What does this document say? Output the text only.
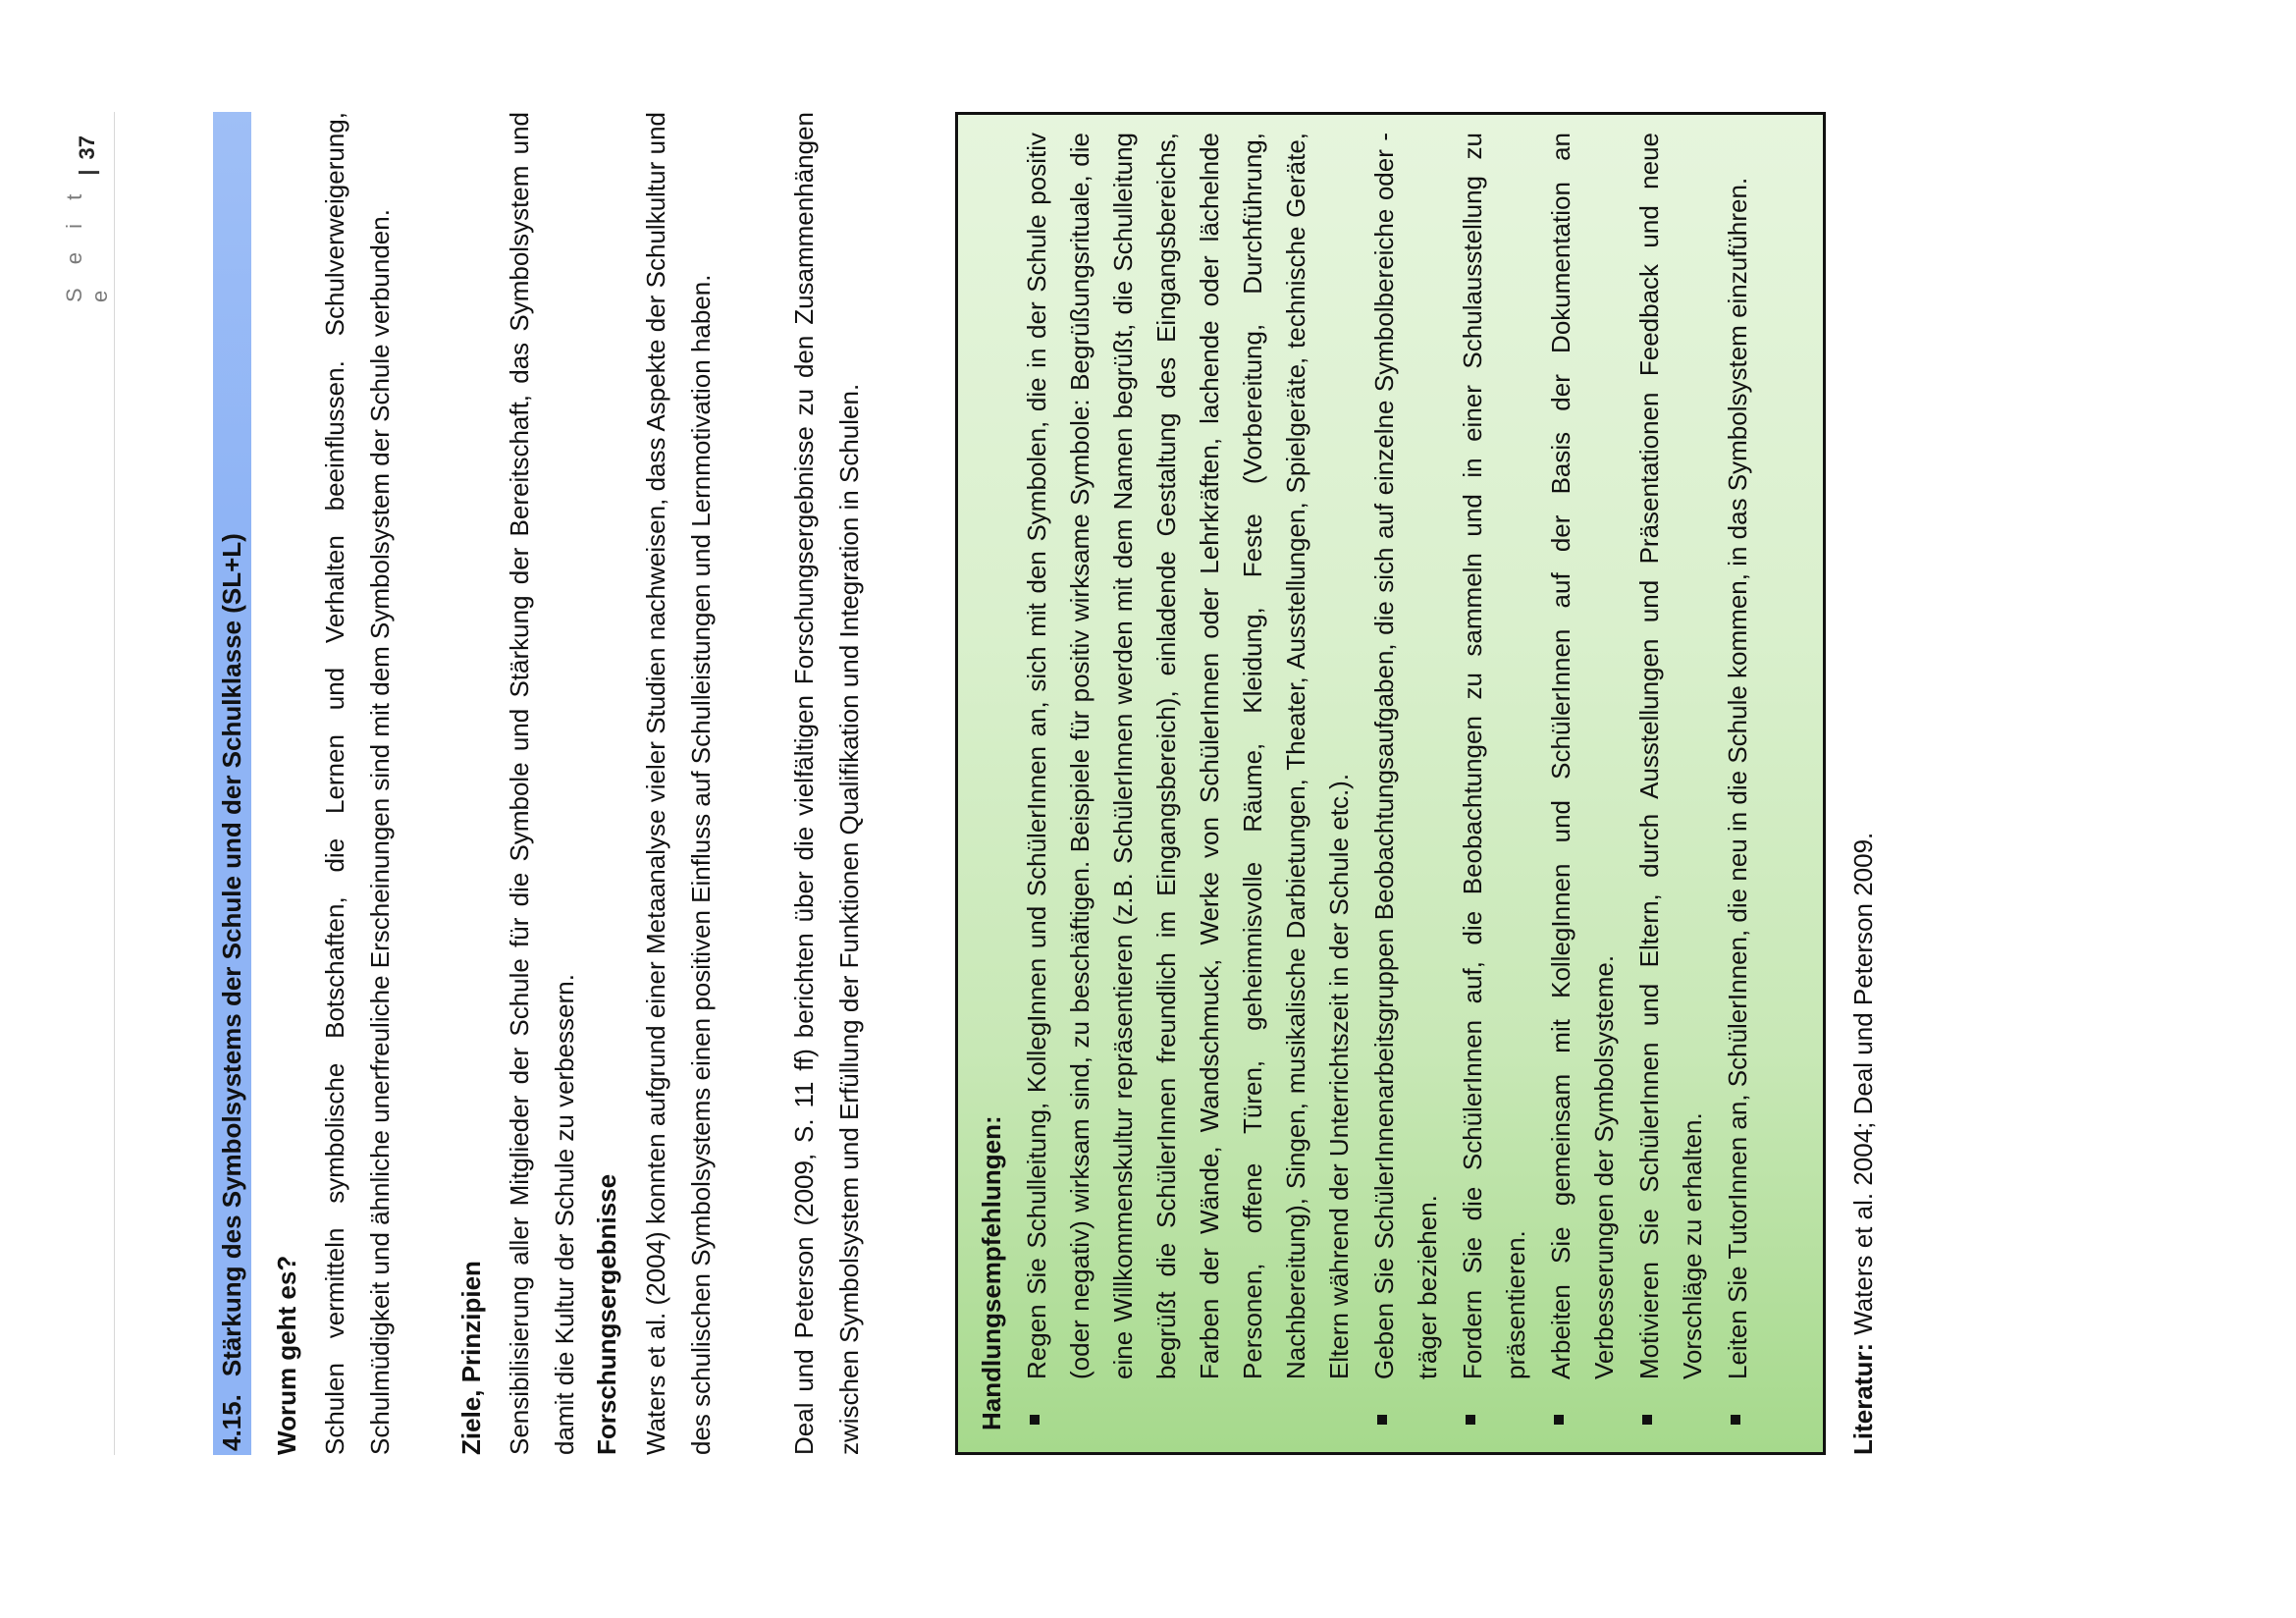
S e i t e
|
37
4.15.Stärkung des Symbolsystems der Schule und der Schulklasse (SL+L) Worum geht es? Schulen vermitteln symbolische Botschaften, die Lernen und Verhalten beeinflussen. Schulverweigerung, Schulmüdigkeit und ähnliche unerfreuliche Erscheinungen sind mit dem Symbolsystem der Schule verbunden.	Ziele, Prinzipien Sensibilisierung aller Mitglieder der Schule für die Symbole und Stärkung der Bereitschaft, das Symbolsystem und damit die Kultur der Schule zu verbessern. Forschungsergebnisse Waters et al. (2004) konnten aufgrund einer Metaanalyse vieler Studien nachweisen, dass Aspekte der Schulkultur und des schulischen Symbolsystems einen positiven Einfluss auf Schulleistungen und Lernmotivation haben.	Deal und Peterson (2009, S. 11 ff) berichten über die vielfältigen Forschungsergebnisse zu den Zusammenhängen zwischen Symbolsystem und Erfüllung der Funktionen Qualifikation und Integration in Schulen.	Handlungsempfehlungen: Regen Sie Schulleitung, KollegInnen und SchülerInnen an, sich mit den Symbolen, die in der Schule positiv (oder negativ) wirksam sind, zu beschäftigen. Beispiele für positiv wirksame Symbole: Begrüßungsrituale, die eine Willkommenskultur repräsentieren (z.B. SchülerInnen werden mit dem Namen begrüßt, die Schulleitung begrüßt die SchülerInnen freundlich im Eingangsbereich), einladende Gestaltung des Eingangsbereichs, Farben der Wände, Wandschmuck, Werke von SchülerInnen oder Lehrkräften, lachende oder lächelnde Personen, offene Türen, geheimnisvolle Räume, Kleidung, Feste (Vorbereitung, Durchführung, Nachbereitung), Singen, musikalische Darbietungen, Theater, Ausstellungen, Spielgeräte, technische Geräte, Eltern während der Unterrichtszeit in der Schule etc.). Geben Sie SchülerInnenarbeitsgruppen Beobachtungsaufgaben, die sich auf einzelne Symbolbereiche oder -träger beziehen. Fordern Sie die SchülerInnen auf, die Beobachtungen zu sammeln und in einer Schulausstellung zu präsentieren. Arbeiten Sie gemeinsam mit KollegInnen und SchülerInnen auf der Basis der Dokumentation an Verbesserungen der Symbolsysteme. Motivieren Sie SchülerInnen und Eltern, durch Ausstellungen und Präsentationen Feedback und neue Vorschläge zu erhalten. Leiten Sie TutorInnen an, SchülerInnen, die neu in die Schule kommen, in das Symbolsystem einzuführen.
Literatur:Waters et al. 2004; Deal und Peterson 2009.
